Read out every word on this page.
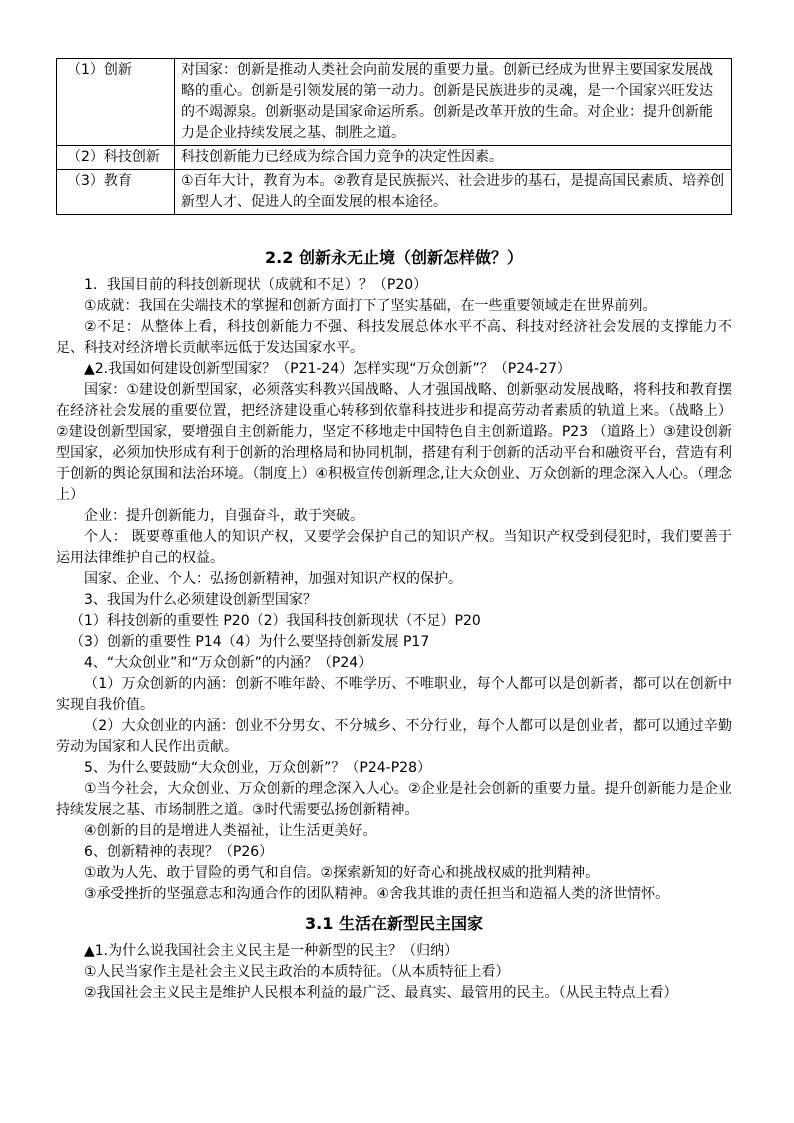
（1）创新	对国家：创新是推动人类社会向前发展的重要力量。创新已经成为世界主要国家发展战略的重心。创新是引领发展的第一动力。创新是民族进步的灵魂，是一个国家兴旺发达的不竭源泉。创新驱动是国家命运所系。创新是改革开放的生命。对企业：提升创新能力是企业持续发展之基、制胜之道。
（2）科技创新	科技创新能力已经成为综合国力竞争的决定性因素。
（3）教育	①百年大计，教育为本。②教育是民族振兴、社会进步的基石，是提高国民素质、培养创新型人才、促进人的全面发展的根本途径。
2.2 创新永无止境（创新怎样做？）

1．我国目前的科技创新现状（成就和不足）？（P20）

①成就：我国在尖端技术的掌握和创新方面打下了坚实基础，在一些重要领域走在世界前列。

②不足：从整体上看，科技创新能力不强、科技发展总体水平不高、科技对经济社会发展的支撑能力不足、科技对经济增长贡献率远低于发达国家水平。

▲2.我国如何建设创新型国家？（P21-24）怎样实现“万众创新”？（P24-27）

国家：①建设创新型国家，必须落实科教兴国战略、人才强国战略、创新驱动发展战略，将科技和教育摆在经济社会发展的重要位置，把经济建设重心转移到依靠科技进步和提高劳动者素质的轨道上来。（战略上）②建设创新型国家，要增强自主创新能力，坚定不移地走中国特色自主创新道路。P23 （道路上）③建设创新型国家，必须加快形成有利于创新的治理格局和协同机制，搭建有利于创新的活动平台和融资平台，营造有利于创新的舆论氛围和法治环境。（制度上）④积极宣传创新理念,让大众创业、万众创新的理念深入人心。（理念上）

企业：提升创新能力，自强奋斗，敢于突破。

个人： 既要尊重他人的知识产权，又要学会保护自己的知识产权。当知识产权受到侵犯时，我们要善于运用法律维护自己的权益。

国家、企业、个人：弘扬创新精神，加强对知识产权的保护。

3、我国为什么必须建设创新型国家？

（1）科技创新的重要性 P20（2）我国科技创新现状（不足）P20

（3）创新的重要性 P14（4）为什么要坚持创新发展 P17

4、“大众创业”和“万众创新”的内涵？（P24）

（1）万众创新的内涵：创新不唯年龄、不唯学历、不唯职业，每个人都可以是创新者，都可以在创新中实现自我价值。

（2）大众创业的内涵：创业不分男女、不分城乡、不分行业，每个人都可以是创业者，都可以通过辛勤劳动为国家和人民作出贡献。

5、为什么要鼓励“大众创业，万众创新”？（P24-P28）

①当今社会，大众创业、万众创新的理念深入人心。②企业是社会创新的重要力量。提升创新能力是企业持续发展之基、市场制胜之道。③时代需要弘扬创新精神。

④创新的目的是增进人类福祉，让生活更美好。

6、创新精神的表现？（P26）

①敢为人先、敢于冒险的勇气和自信。②探索新知的好奇心和挑战权威的批判精神。

③承受挫折的坚强意志和沟通合作的团队精神。④舍我其谁的责任担当和造福人类的济世情怀。

3.1 生活在新型民主国家

▲1.为什么说我国社会主义民主是一种新型的民主？（归纳）

①人民当家作主是社会主义民主政治的本质特征。（从本质特征上看）

②我国社会主义民主是维护人民根本利益的最广泛、最真实、最管用的民主。（从民主特点上看）
